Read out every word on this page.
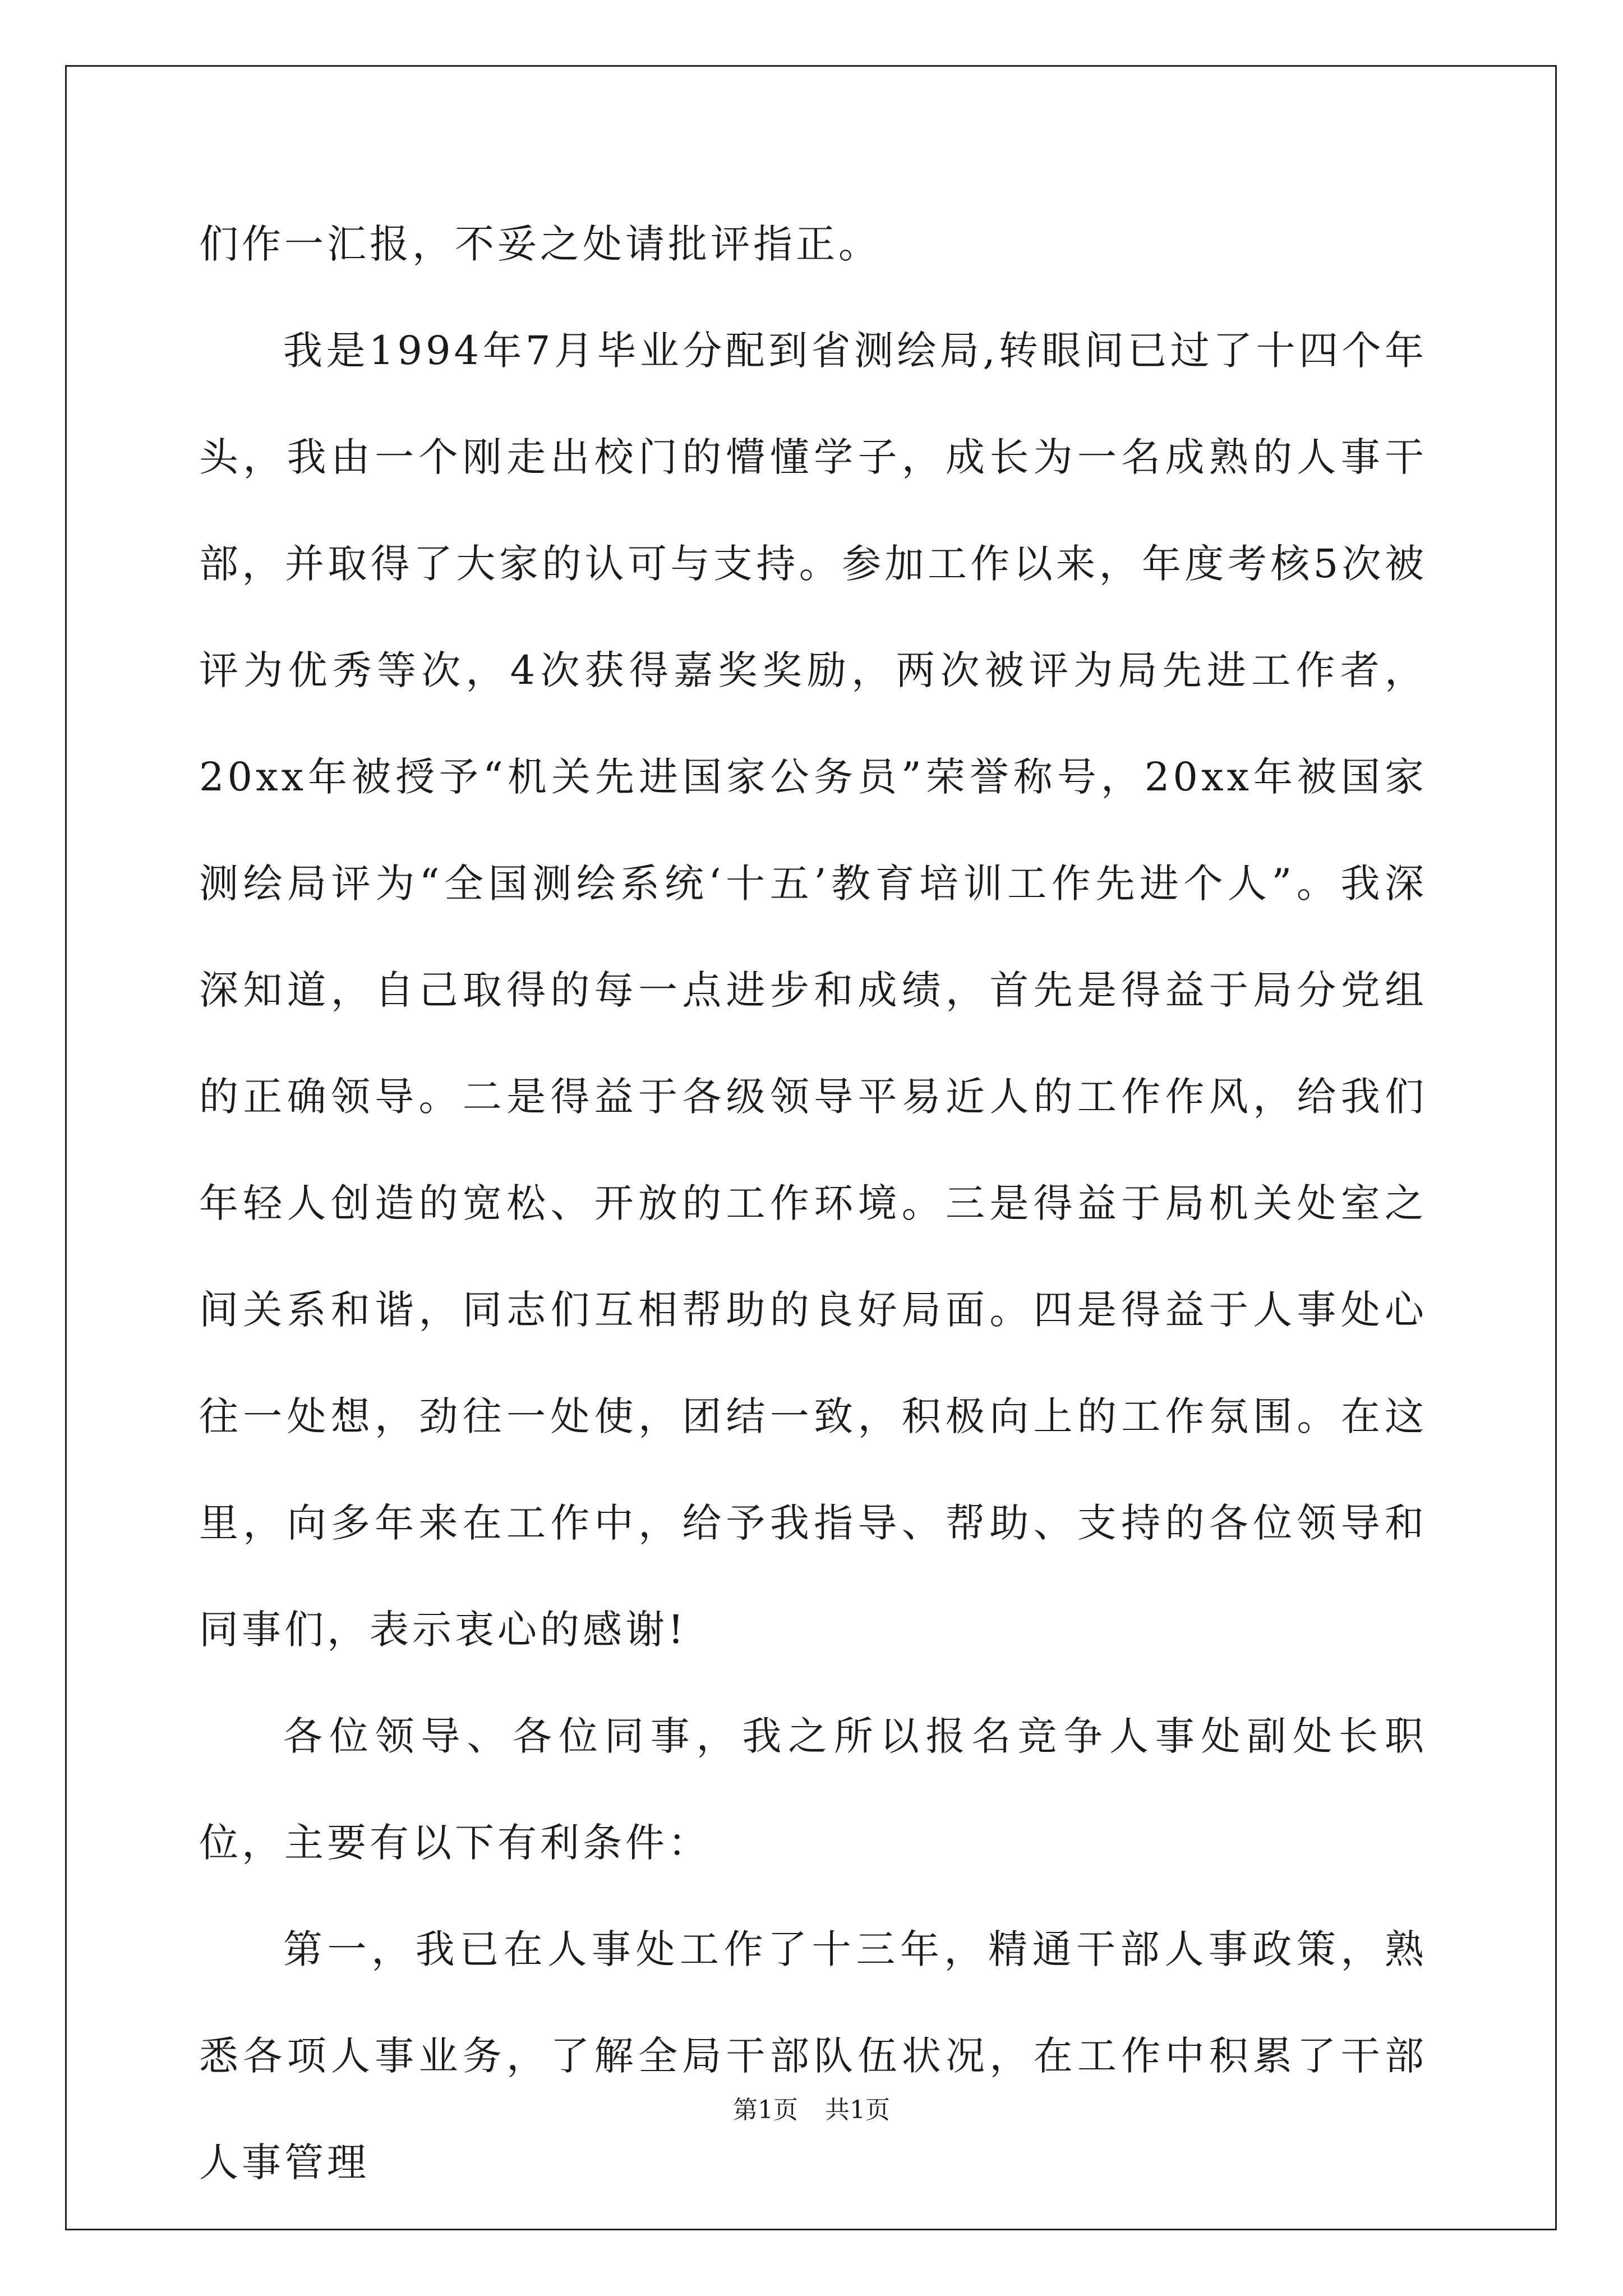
们作一汇报，不妥之处请批评指正。

我是1994年7月毕业分配到省测绘局,转眼间已过了十四个年头，我由一个刚走出校门的懵懂学子，成长为一名成熟的人事干部，并取得了大家的认可与支持。参加工作以来，年度考核5次被评为优秀等次，4次获得嘉奖奖励，两次被评为局先进工作者，20xx年被授予“机关先进国家公务员”荣誉称号，20xx年被国家测绘局评为“全国测绘系统‘十五’教育培训工作先进个人”。我深深知道，自己取得的每一点进步和成绩，首先是得益于局分党组的正确领导。二是得益于各级领导平易近人的工作作风，给我们年轻人创造的宽松、开放的工作环境。三是得益于局机关处室之间关系和谐，同志们互相帮助的良好局面。四是得益于人事处心往一处想，劲往一处使，团结一致，积极向上的工作氛围。在这里，向多年来在工作中，给予我指导、帮助、支持的各位领导和同事们，表示衷心的感谢!

各位领导、各位同事，我之所以报名竞争人事处副处长职位，主要有以下有利条件：

第一，我已在人事处工作了十三年，精通干部人事政策，熟悉各项人事业务，了解全局干部队伍状况，在工作中积累了干部人事管理

第1页 共1页
